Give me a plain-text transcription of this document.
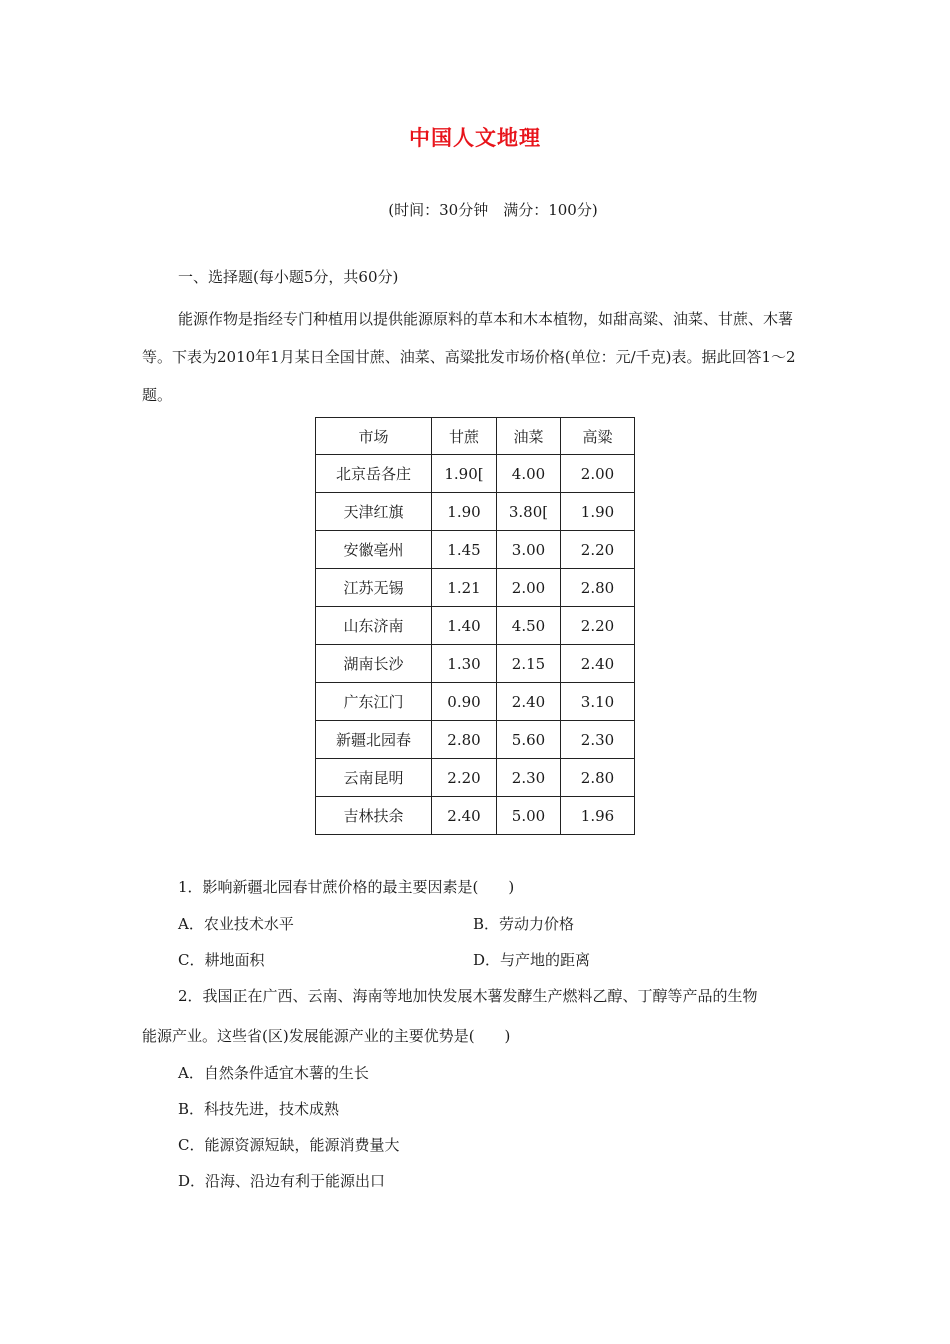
中国人文地理
(时间：30分钟　满分：100分)
一、选择题(每小题5分，共60分)
能源作物是指经专门种植用以提供能源原料的草本和木本植物，如甜高粱、油菜、甘蔗、木薯等。下表为2010年1月某日全国甘蔗、油菜、高粱批发市场价格(单位：元/千克)表。据此回答1～2题。
市场	甘蔗	油菜	高粱
北京岳各庄	1.90[	4.00	2.00
天津红旗	1.90	3.80[	1.90
安徽亳州	1.45	3.00	2.20
江苏无锡	1.21	2.00	2.80
山东济南	1.40	4.50	2.20
湖南长沙	1.30	2.15	2.40
广东江门	0.90	2.40	3.10
新疆北园春	2.80	5.60	2.30
云南昆明	2.20	2.30	2.80
吉林扶余	2.40	5.00	1.96
1．影响新疆北园春甘蔗价格的最主要因素是(　　)
A．农业技术水平	B．劳动力价格
C．耕地面积	D．与产地的距离
2．我国正在广西、云南、海南等地加快发展木薯发酵生产燃料乙醇、丁醇等产品的生物
能源产业。这些省(区)发展能源产业的主要优势是(　　)
A．自然条件适宜木薯的生长
B．科技先进，技术成熟
C．能源资源短缺，能源消费量大
D．沿海、沿边有利于能源出口
